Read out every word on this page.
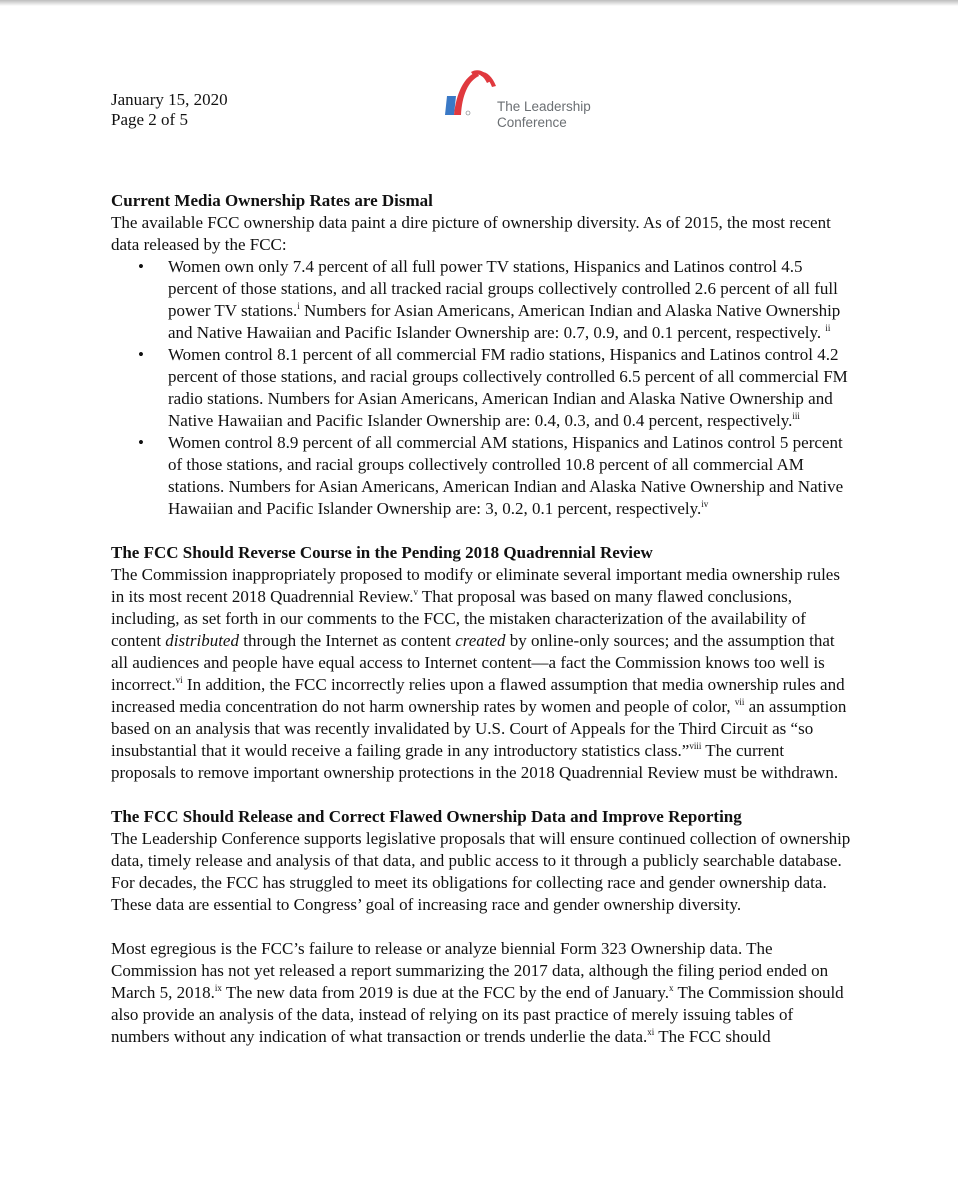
January 15, 2020
Page 2 of 5
The Leadership
Conference
Current Media Ownership Rates are Dismal

The available FCC ownership data paint a dire picture of ownership diversity. As of 2015, the most recent data released by the FCC:

• Women own only 7.4 percent of all full power TV stations, Hispanics and Latinos control 4.5 percent of those stations, and all tracked racial groups collectively controlled 2.6 percent of all full power TV stations.$^i$ Numbers for Asian Americans, American Indian and Alaska Native Ownership and Native Hawaiian and Pacific Islander Ownership are: 0.7, 0.9, and 0.1 percent, respectively. $^{ii}$
• Women control 8.1 percent of all commercial FM radio stations, Hispanics and Latinos control 4.2 percent of those stations, and racial groups collectively controlled 6.5 percent of all commercial FM radio stations. Numbers for Asian Americans, American Indian and Alaska Native Ownership and Native Hawaiian and Pacific Islander Ownership are: 0.4, 0.3, and 0.4 percent, respectively.$^{iii}$
• Women control 8.9 percent of all commercial AM stations, Hispanics and Latinos control 5 percent of those stations, and racial groups collectively controlled 10.8 percent of all commercial AM stations. Numbers for Asian Americans, American Indian and Alaska Native Ownership and Native Hawaiian and Pacific Islander Ownership are: 3, 0.2, 0.1 percent, respectively.$^{iv}$
The FCC Should Reverse Course in the Pending 2018 Quadrennial Review

The Commission inappropriately proposed to modify or eliminate several important media ownership rules in its most recent 2018 Quadrennial Review.$^v$ That proposal was based on many flawed conclusions, including, as set forth in our comments to the FCC, the mistaken characterization of the availability of content distributed through the Internet as content created by online-only sources; and the assumption that all audiences and people have equal access to Internet content—a fact the Commission knows too well is incorrect.$^{vi}$ In addition, the FCC incorrectly relies upon a flawed assumption that media ownership rules and increased media concentration do not harm ownership rates by women and people of color, $^{vii}$ an assumption based on an analysis that was recently invalidated by U.S. Court of Appeals for the Third Circuit as “so insubstantial that it would receive a failing grade in any introductory statistics class.”$^{viii}$ The current proposals to remove important ownership protections in the 2018 Quadrennial Review must be withdrawn.

The FCC Should Release and Correct Flawed Ownership Data and Improve Reporting

The Leadership Conference supports legislative proposals that will ensure continued collection of ownership data, timely release and analysis of that data, and public access to it through a publicly searchable database. For decades, the FCC has struggled to meet its obligations for collecting race and gender ownership data. These data are essential to Congress’ goal of increasing race and gender ownership diversity.

Most egregious is the FCC’s failure to release or analyze biennial Form 323 Ownership data. The Commission has not yet released a report summarizing the 2017 data, although the filing period ended on March 5, 2018.$^{ix}$ The new data from 2019 is due at the FCC by the end of January.$^x$ The Commission should also provide an analysis of the data, instead of relying on its past practice of merely issuing tables of numbers without any indication of what transaction or trends underlie the data.$^{xi}$ The FCC should
